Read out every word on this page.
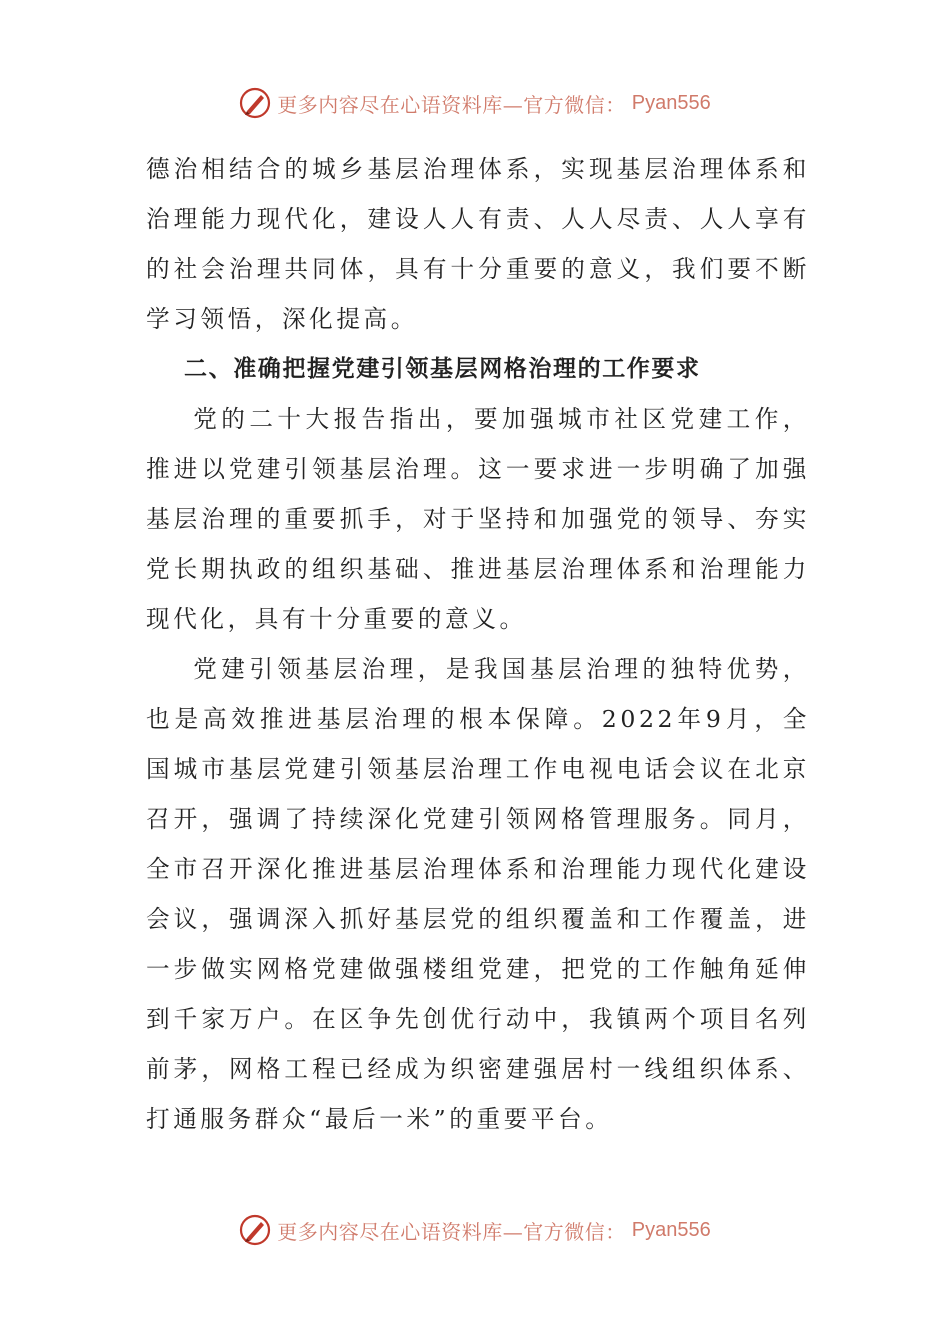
更多内容尽在心语资料库—官方微信： Pyan556

德治相结合的城乡基层治理体系，实现基层治理体系和治理能力现代化，建设人人有责、人人尽责、人人享有的社会治理共同体，具有十分重要的意义，我们要不断学习领悟，深化提高。

二、准确把握党建引领基层网格治理的工作要求

党的二十大报告指出，要加强城市社区党建工作，推进以党建引领基层治理。这一要求进一步明确了加强基层治理的重要抓手，对于坚持和加强党的领导、夯实党长期执政的组织基础、推进基层治理体系和治理能力现代化，具有十分重要的意义。

党建引领基层治理，是我国基层治理的独特优势，也是高效推进基层治理的根本保障。2022年9月，全国城市基层党建引领基层治理工作电视电话会议在北京召开，强调了持续深化党建引领网格管理服务。同月，全市召开深化推进基层治理体系和治理能力现代化建设会议，强调深入抓好基层党的组织覆盖和工作覆盖，进一步做实网格党建做强楼组党建，把党的工作触角延伸到千家万户。在区争先创优行动中，我镇两个项目名列前茅，网格工程已经成为织密建强居村一线组织体系、打通服务群众“最后一米”的重要平台。

更多内容尽在心语资料库—官方微信： Pyan556
